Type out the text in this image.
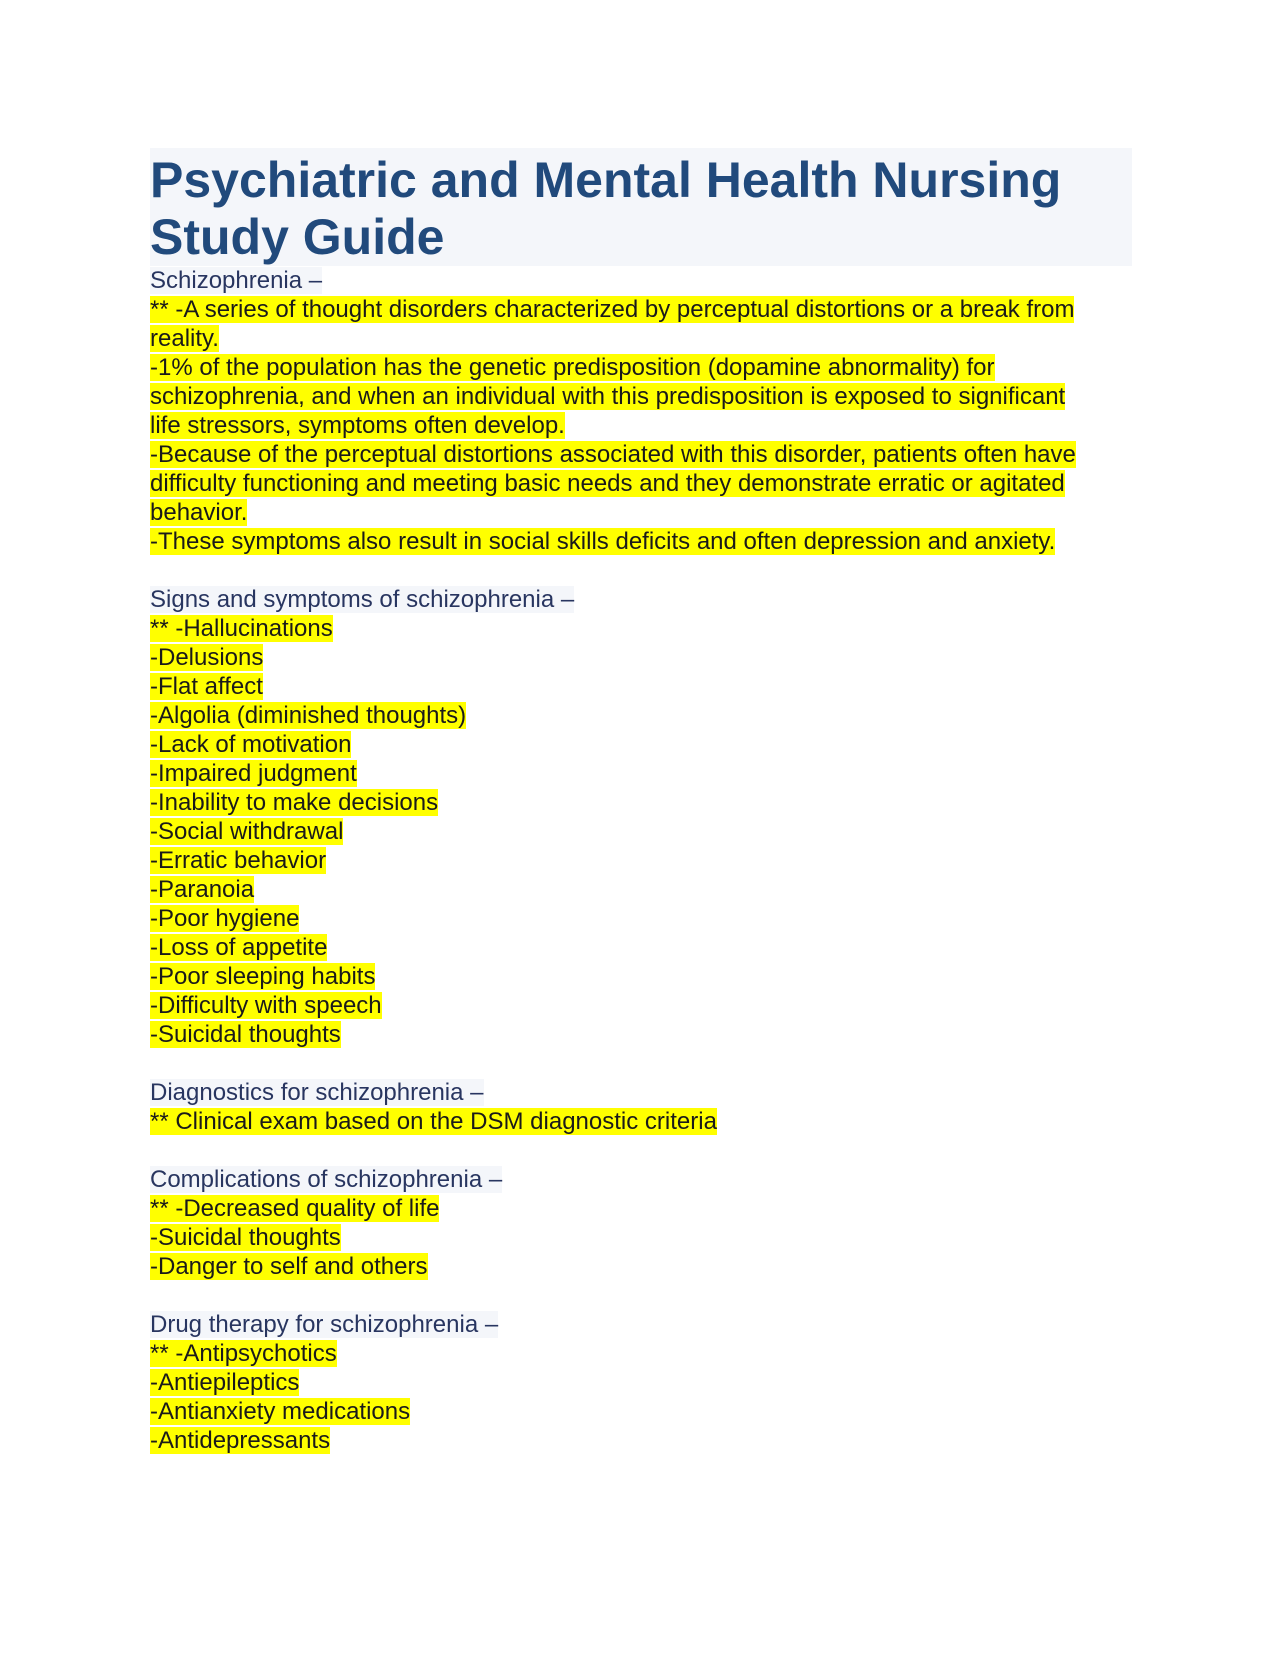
Psychiatric and Mental Health Nursing

Study Guide

Schizophrenia –
** -A series of thought disorders characterized by perceptual distortions or a break from
reality.
-1% of the population has the genetic predisposition (dopamine abnormality) for
schizophrenia, and when an individual with this predisposition is exposed to significant
life stressors, symptoms often develop.
-Because of the perceptual distortions associated with this disorder, patients often have
difficulty functioning and meeting basic needs and they demonstrate erratic or agitated
behavior.
-These symptoms also result in social skills deficits and often depression and anxiety.
Signs and symptoms of schizophrenia –
** -Hallucinations
-Delusions
-Flat affect
-Algolia (diminished thoughts)
-Lack of motivation
-Impaired judgment
-Inability to make decisions
-Social withdrawal
-Erratic behavior
-Paranoia
-Poor hygiene
-Loss of appetite
-Poor sleeping habits
-Difficulty with speech
-Suicidal thoughts
Diagnostics for schizophrenia –
** Clinical exam based on the DSM diagnostic criteria
Complications of schizophrenia –
** -Decreased quality of life
-Suicidal thoughts
-Danger to self and others
Drug therapy for schizophrenia –
** -Antipsychotics
-Antiepileptics
-Antianxiety medications
-Antidepressants
